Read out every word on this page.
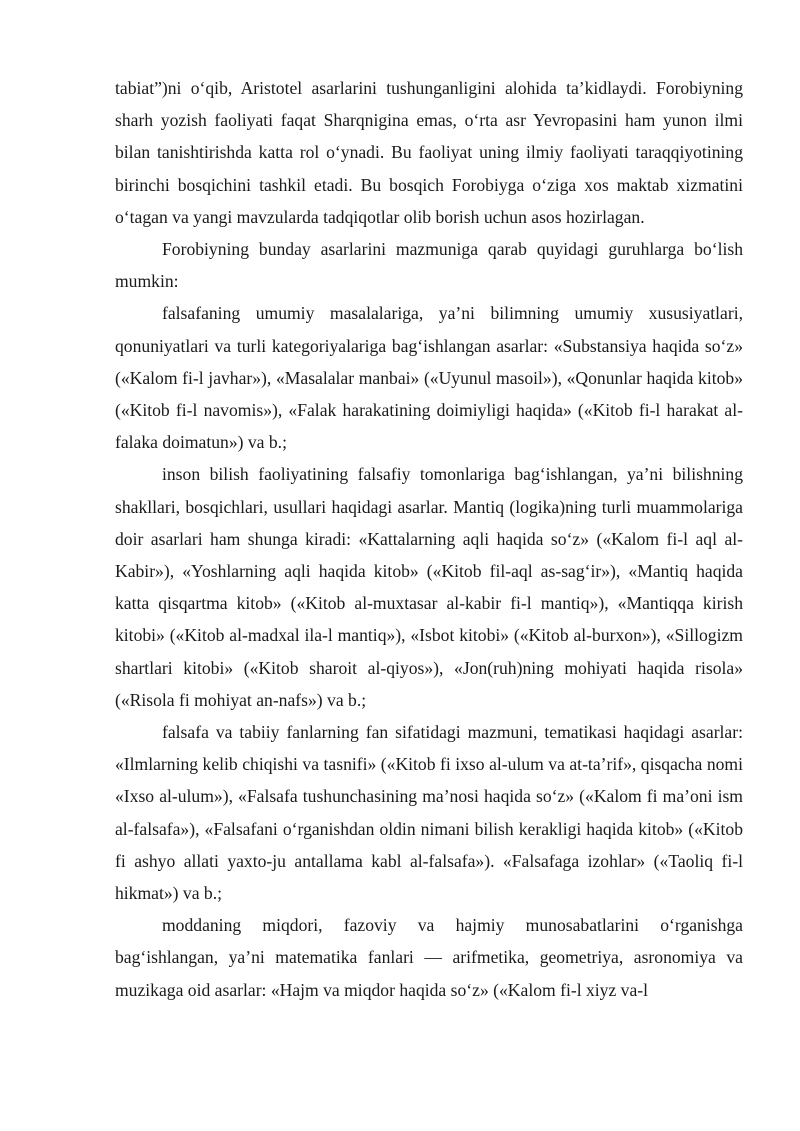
tabiat”)ni o‘qib, Aristotel asarlarini tushunganligini alohida ta’kidlaydi. Forobiyning sharh yozish faoliyati faqat Sharqnigina emas, o‘rta asr Yevropasini ham yunon ilmi bilan tanishtirishda katta rol o‘ynadi. Bu faoliyat uning ilmiy faoliyati taraqqiyotining birinchi bosqichini tashkil etadi. Bu bosqich Forobiyga o‘ziga xos maktab xizmatini o‘tagan va yangi mavzularda tadqiqotlar olib borish uchun asos hozirlagan.

Forobiyning bunday asarlarini mazmuniga qarab quyidagi guruhlarga bo‘lish mumkin:

falsafaning umumiy masalalariga, ya’ni bilimning umumiy xususiyatlari, qonuniyatlari va turli kategoriyalariga bag‘ishlangan asarlar: «Substansiya haqida so‘z» («Kalom fi-l javhar»), «Masalalar manbai» («Uyunul masoil»), «Qonunlar haqida kitob» («Kitob fi-l navomis»), «Falak harakatining doimiyligi haqida» («Kitob fi-l harakat al-falaka doimatun») va b.;

inson bilish faoliyatining falsafiy tomonlariga bag‘ishlangan, ya’ni bilishning shakllari, bosqichlari, usullari haqidagi asarlar. Mantiq (logika)ning turli muammolariga doir asarlari ham shunga kiradi: «Kattalarning aqli haqida so‘z» («Kalom fi-l aql al-Kabir»), «Yoshlarning aqli haqida kitob» («Kitob fil-aql as-sag‘ir»), «Mantiq haqida katta qisqartma kitob» («Kitob al-muxtasar al-kabir fi-l mantiq»), «Mantiqqa kirish kitobi» («Kitob al-madxal ila-l mantiq»), «Isbot kitobi» («Kitob al-burxon»), «Sillogizm shartlari kitobi» («Kitob sharoit al-qiyos»), «Jon(ruh)ning mohiyati haqida risola» («Risola fi mohiyat an-nafs») va b.;

falsafa va tabiiy fanlarning fan sifatidagi mazmuni, tematikasi haqidagi asarlar: «Ilmlarning kelib chiqishi va tasnifi» («Kitob fi ixso al-ulum va at-ta’rif», qisqacha nomi «Ixso al-ulum»), «Falsafa tushunchasining ma’nosi haqida so‘z» («Kalom fi ma’oni ism al-falsafa»), «Falsafani o‘rganishdan oldin nimani bilish kerakligi haqida kitob» («Kitob fi ashyo allati yaxto-ju antallama kabl al-falsafa»). «Falsafaga izohlar» («Taoliq fi-l hikmat») va b.;

moddaning miqdori, fazoviy va hajmiy munosabatlarini o‘rganishga bag‘ishlangan, ya’ni matematika fanlari — arifmetika, geometriya, asronomiya va muzikaga oid asarlar: «Hajm va miqdor haqida so‘z» («Kalom fi-l xiyz va-l
